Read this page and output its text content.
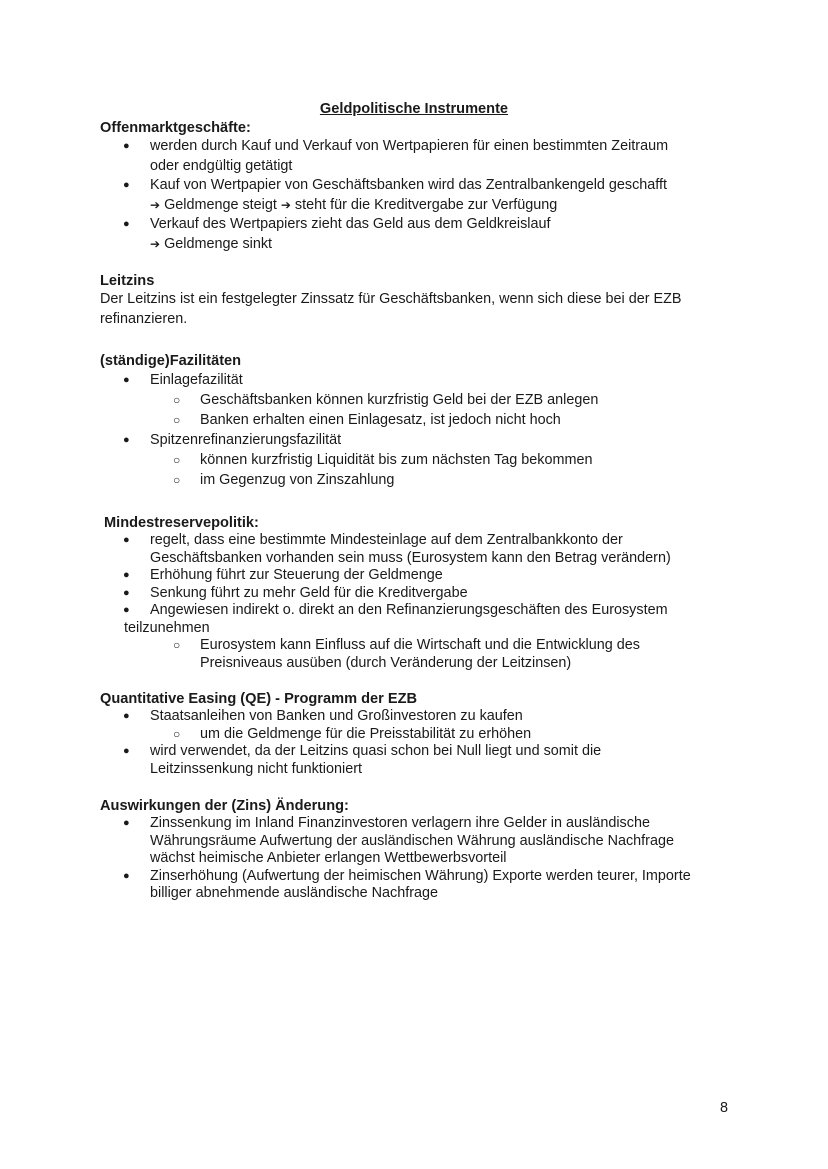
Geldpolitische Instrumente
Offenmarktgeschäfte:
● werden durch Kauf und Verkauf von Wertpapieren für einen bestimmten Zeitraum
oder endgültig getätigt
● Kauf von Wertpapier von Geschäftsbanken wird das Zentralbankengeld geschafft
➔ Geldmenge steigt ➔ steht für die Kreditvergabe zur Verfügung
● Verkauf des Wertpapiers zieht das Geld aus dem Geldkreislauf
➔ Geldmenge sinkt
Leitzins
Der Leitzins ist ein festgelegter Zinssatz für Geschäftsbanken, wenn sich diese bei der EZB refinanzieren.
(ständige)Fazilitäten
● Einlagefazilität
○ Geschäftsbanken können kurzfristig Geld bei der EZB anlegen
○ Banken erhalten einen Einlagesatz, ist jedoch nicht hoch
● Spitzenrefinanzierungsfazilität
○ können kurzfristig Liquidität bis zum nächsten Tag bekommen
○ im Gegenzug von Zinszahlung
Mindestreservepolitik:
● regelt, dass eine bestimmte Mindesteinlage auf dem Zentralbankkonto der
Geschäftsbanken vorhanden sein muss (Eurosystem kann den Betrag verändern)
● Erhöhung führt zur Steuerung der Geldmenge
● Senkung führt zu mehr Geld für die Kreditvergabe
● Angewiesen indirekt o. direkt an den Refinanzierungsgeschäften des Eurosystem
teilzunehmen
○ Eurosystem kann Einfluss auf die Wirtschaft und die Entwicklung des
Preisniveaus ausüben (durch Veränderung der Leitzinsen)
Quantitative Easing (QE) - Programm der EZB
● Staatsanleihen von Banken und Großinvestoren zu kaufen
○ um die Geldmenge für die Preisstabilität zu erhöhen
● wird verwendet, da der Leitzins quasi schon bei Null liegt und somit die
Leitzinssenkung nicht funktioniert
Auswirkungen der (Zins) Änderung:
● Zinssenkung im Inland Finanzinvestoren verlagern ihre Gelder in ausländische
Währungsräume Aufwertung der ausländischen Währung ausländische Nachfrage
wächst heimische Anbieter erlangen Wettbewerbsvorteil
● Zinserhöhung (Aufwertung der heimischen Währung) Exporte werden teurer, Importe
billiger abnehmende ausländische Nachfrage
8
